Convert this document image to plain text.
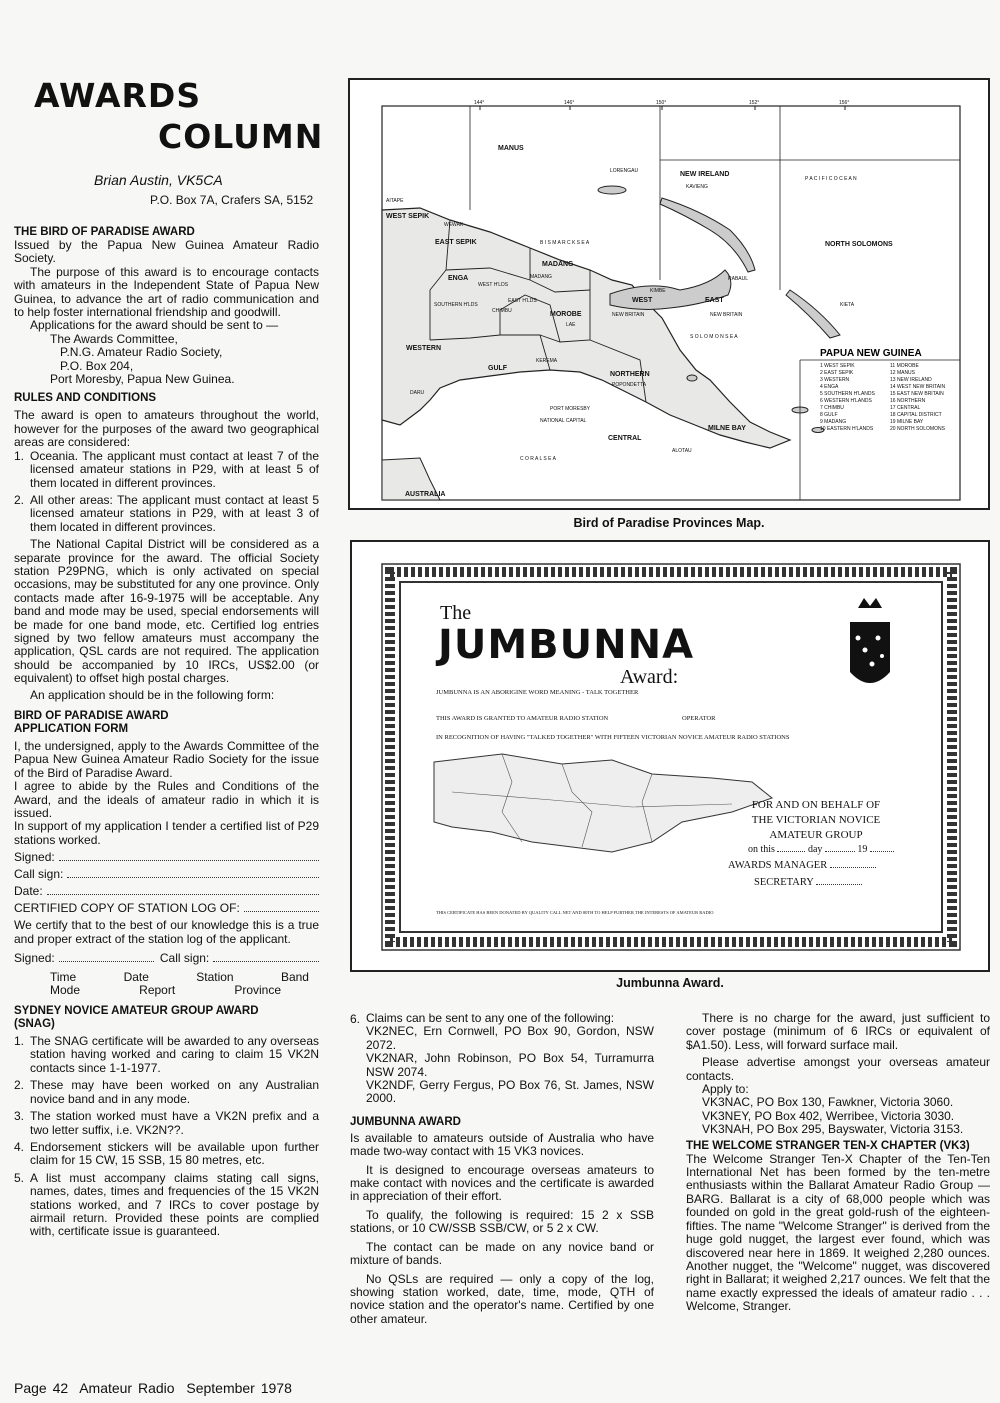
AWARDS
COLUMN
Brian Austin, VK5CA
P.O. Box 7A, Crafers SA, 5152
THE BIRD OF PARADISE AWARD

Issued by the Papua New Guinea Amateur Radio Society.

The purpose of this award is to encourage contacts with amateurs in the Independent State of Papua New Guinea, to advance the art of radio communication and to help foster international friendship and goodwill.

Applications for the award should be sent to —

The Awards Committee,
P.N.G. Amateur Radio Society,
P.O. Box 204,
Port Moresby, Papua New Guinea.
RULES AND CONDITIONS

The award is open to amateurs throughout the world, however for the purposes of the award two geographical areas are considered:

1. Oceania. The applicant must contact at least 7 of the licensed amateur stations in P29, with at least 5 of them located in different provinces.
2. All other areas: The applicant must contact at least 5 licensed amateur stations in P29, with at least 3 of them located in different provinces.

The National Capital District will be considered as a separate province for the award. The official Society station P29PNG, which is only activated on special occasions, may be substituted for any one province. Only contacts made after 16-9-1975 will be acceptable. Any band and mode may be used, special endorsements will be made for one band mode, etc. Certified log entries signed by two fellow amateurs must accompany the application, QSL cards are not required. The application should be accompanied by 10 IRCs, US$2.00 (or equivalent) to offset high postal charges.

An application should be in the following form:

BIRD OF PARADISE AWARD
APPLICATION FORM

I, the undersigned, apply to the Awards Committee of the Papua New Guinea Amateur Radio Society for the issue of the Bird of Paradise Award.

I agree to abide by the Rules and Conditions of the Award, and the ideals of amateur radio in which it is issued.

In support of my application I tender a certified list of P29 stations worked.

Signed:
Call sign:
Date:
CERTIFIED COPY OF STATION LOG OF:

We certify that to the best of our knowledge this is a true and proper extract of the station log of the applicant.

Signed:	Call sign:
Time	Date	Station	Band
Mode	Report	Province
SYDNEY NOVICE AMATEUR GROUP AWARD
(SNAG)
1. The SNAG certificate will be awarded to any overseas station having worked and caring to claim 15 VK2N contacts since 1-1-1977.
2. These may have been worked on any Australian novice band and in any mode.
3. The station worked must have a VK2N prefix and a two letter suffix, i.e. VK2N??.
4. Endorsement stickers will be available upon further claim for 15 CW, 15 SSB, 15 80 metres, etc.
5. A list must accompany claims stating call signs, names, dates, times and frequencies of the 15 VK2N stations worked, and 7 IRCs to cover postage by airmail return. Provided these points are complied with, certificate issue is guaranteed.
144°	146°	150°	152°	156°
P A C I F I C O C E A N
B I S M A R C K S E A
S O L O M O N S E A
C O R A L S E A
AUSTRALIA
MANUS
NEW IRELAND
WEST SEPIK
EAST SEPIK
MADANG
NORTH SOLOMONS
ENGA
WEST H'LDS
SOUTHERN H'LDS
CHIMBU
EAST H'LDS
MOROBE
WEST
NEW BRITAIN
EAST
NEW BRITAIN
WESTERN
GULF
NORTHERN
NATIONAL CAPITAL
CENTRAL
MILNE BAY
LORENGAU
KAVIENG
AITAPE
WEWAK
MADANG
LAE
KEREMA
POPONDETTA
PORT MORESBY
ALOTAU
KIETA
DARU
KIMBE
RABAUL
PAPUA NEW GUINEA
1 WEST SEPIK
2 EAST SEPIK
3 WESTERN
4 ENGA
5 SOUTHERN H'LANDS
6 WESTERN H'LANDS
7 CHIMBU
8 GULF
9 MADANG
10 EASTERN H'LANDS
11 MOROBE
12 MANUS
13 NEW IRELAND
14 WEST NEW BRITAIN
15 EAST NEW BRITAIN
16 NORTHERN
17 CENTRAL
18 CAPITAL DISTRICT
19 MILNE BAY
20 NORTH SOLOMONS
Bird of Paradise Provinces Map.
The
JUMBUNNA
Award:
JUMBUNNA IS AN ABORIGINE WORD MEANING - TALK TOGETHER
THIS AWARD IS GRANTED TO AMATEUR RADIO STATION	OPERATOR
IN RECOGNITION OF HAVING "TALKED TOGETHER" WITH FIFTEEN VICTORIAN NOVICE AMATEUR RADIO STATIONS
FOR AND ON BEHALF OF
THE VICTORIAN NOVICE
AMATEUR GROUP
on this	day	19
AWARDS MANAGER
SECRETARY
THIS CERTIFICATE HAS BEEN DONATED BY QUALITY CALL NET AND 80TH TO HELP FURTHER THE INTERESTS OF AMATEUR RADIO
Jumbunna Award.
6. Claims can be sent to any one of the following:

VK2NEC, Ern Cornwell, PO Box 90, Gordon, NSW 2072.

VK2NAR, John Robinson, PO Box 54, Turramurra NSW 2074.

VK2NDF, Gerry Fergus, PO Box 76, St. James, NSW 2000.

JUMBUNNA AWARD

Is available to amateurs outside of Australia who have made two-way contact with 15 VK3 novices.

It is designed to encourage overseas amateurs to make contact with novices and the certificate is awarded in appreciation of their effort.

To qualify, the following is required: 15 2 x SSB stations, or 10 CW/SSB SSB/CW, or 5 2 x CW.

The contact can be made on any novice band or mixture of bands.

No QSLs are required — only a copy of the log, showing station worked, date, time, mode, QTH of novice station and the operator's name. Certified by one other amateur.

There is no charge for the award, just sufficient to cover postage (minimum of 6 IRCs or equivalent of $A1.50). Less, will forward surface mail.

Please advertise amongst your overseas amateur contacts.

Apply to:

VK3NAC, PO Box 130, Fawkner, Victoria 3060.

VK3NEY, PO Box 402, Werribee, Victoria 3030.

VK3NAH, PO Box 295, Bayswater, Victoria 3153.

THE WELCOME STRANGER TEN-X CHAPTER (VK3)

The Welcome Stranger Ten-X Chapter of the Ten-Ten International Net has been formed by the ten-metre enthusiasts within the Ballarat Amateur Radio Group — BARG. Ballarat is a city of 68,000 people which was founded on gold in the great gold-rush of the eighteen-fifties. The name "Welcome Stranger" is derived from the huge gold nugget, the largest ever found, which was discovered near here in 1869. It weighed 2,280 ounces. Another nugget, the "Welcome" nugget, was discovered right in Ballarat; it weighed 2,217 ounces. We felt that the name exactly expressed the ideals of amateur radio . . . Welcome, Stranger.

Page 42 Amateur Radio September 1978
